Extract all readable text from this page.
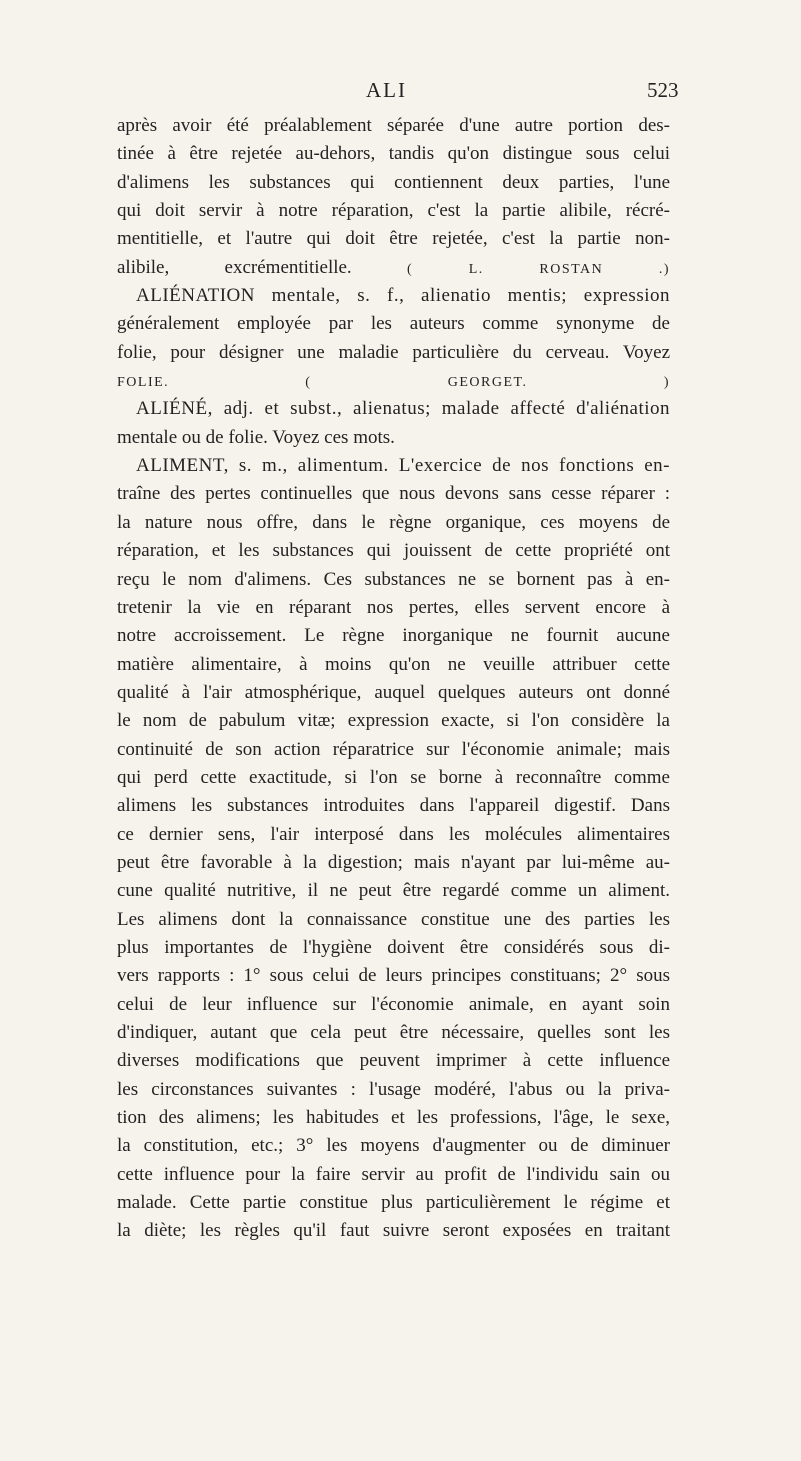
ALI	523
après avoir été préalablement séparée d'une autre portion des-
tinée à être rejetée au-dehors, tandis qu'on distingue sous celui
d'alimens les substances qui contiennent deux parties, l'une
qui doit servir à notre réparation, c'est la partie alibile, récré-
mentitielle, et l'autre qui doit être rejetée, c'est la partie non-
alibile, excrémentitielle.	( L. ROSTAN .)
ALIÉNATION mentale, s. f., alienatio mentis; expression
généralement employée par les auteurs comme synonyme de
folie, pour désigner une maladie particulière du cerveau. Voyez
FOLIE.	( GEORGET. )
ALIÉNÉ, adj. et subst., alienatus; malade affecté d'aliénation
mentale ou de folie. Voyez ces mots.
ALIMENT, s. m., alimentum. L'exercice de nos fonctions en-
traîne des pertes continuelles que nous devons sans cesse réparer :
la nature nous offre, dans le règne organique, ces moyens de
réparation, et les substances qui jouissent de cette propriété ont
reçu le nom d'alimens. Ces substances ne se bornent pas à en-
tretenir la vie en réparant nos pertes, elles servent encore à
notre accroissement. Le règne inorganique ne fournit aucune
matière alimentaire, à moins qu'on ne veuille attribuer cette
qualité à l'air atmosphérique, auquel quelques auteurs ont donné
le nom de pabulum vitæ; expression exacte, si l'on considère la
continuité de son action réparatrice sur l'économie animale; mais
qui perd cette exactitude, si l'on se borne à reconnaître comme
alimens les substances introduites dans l'appareil digestif. Dans
ce dernier sens, l'air interposé dans les molécules alimentaires
peut être favorable à la digestion; mais n'ayant par lui-même au-
cune qualité nutritive, il ne peut être regardé comme un aliment.
Les alimens dont la connaissance constitue une des parties les
plus importantes de l'hygiène doivent être considérés sous di-
vers rapports : 1° sous celui de leurs principes constituans; 2° sous
celui de leur influence sur l'économie animale, en ayant soin
d'indiquer, autant que cela peut être nécessaire, quelles sont les
diverses modifications que peuvent imprimer à cette influence
les circonstances suivantes : l'usage modéré, l'abus ou la priva-
tion des alimens; les habitudes et les professions, l'âge, le sexe,
la constitution, etc.; 3° les moyens d'augmenter ou de diminuer
cette influence pour la faire servir au profit de l'individu sain ou
malade. Cette partie constitue plus particulièrement le régime et
la diète; les règles qu'il faut suivre seront exposées en traitant
